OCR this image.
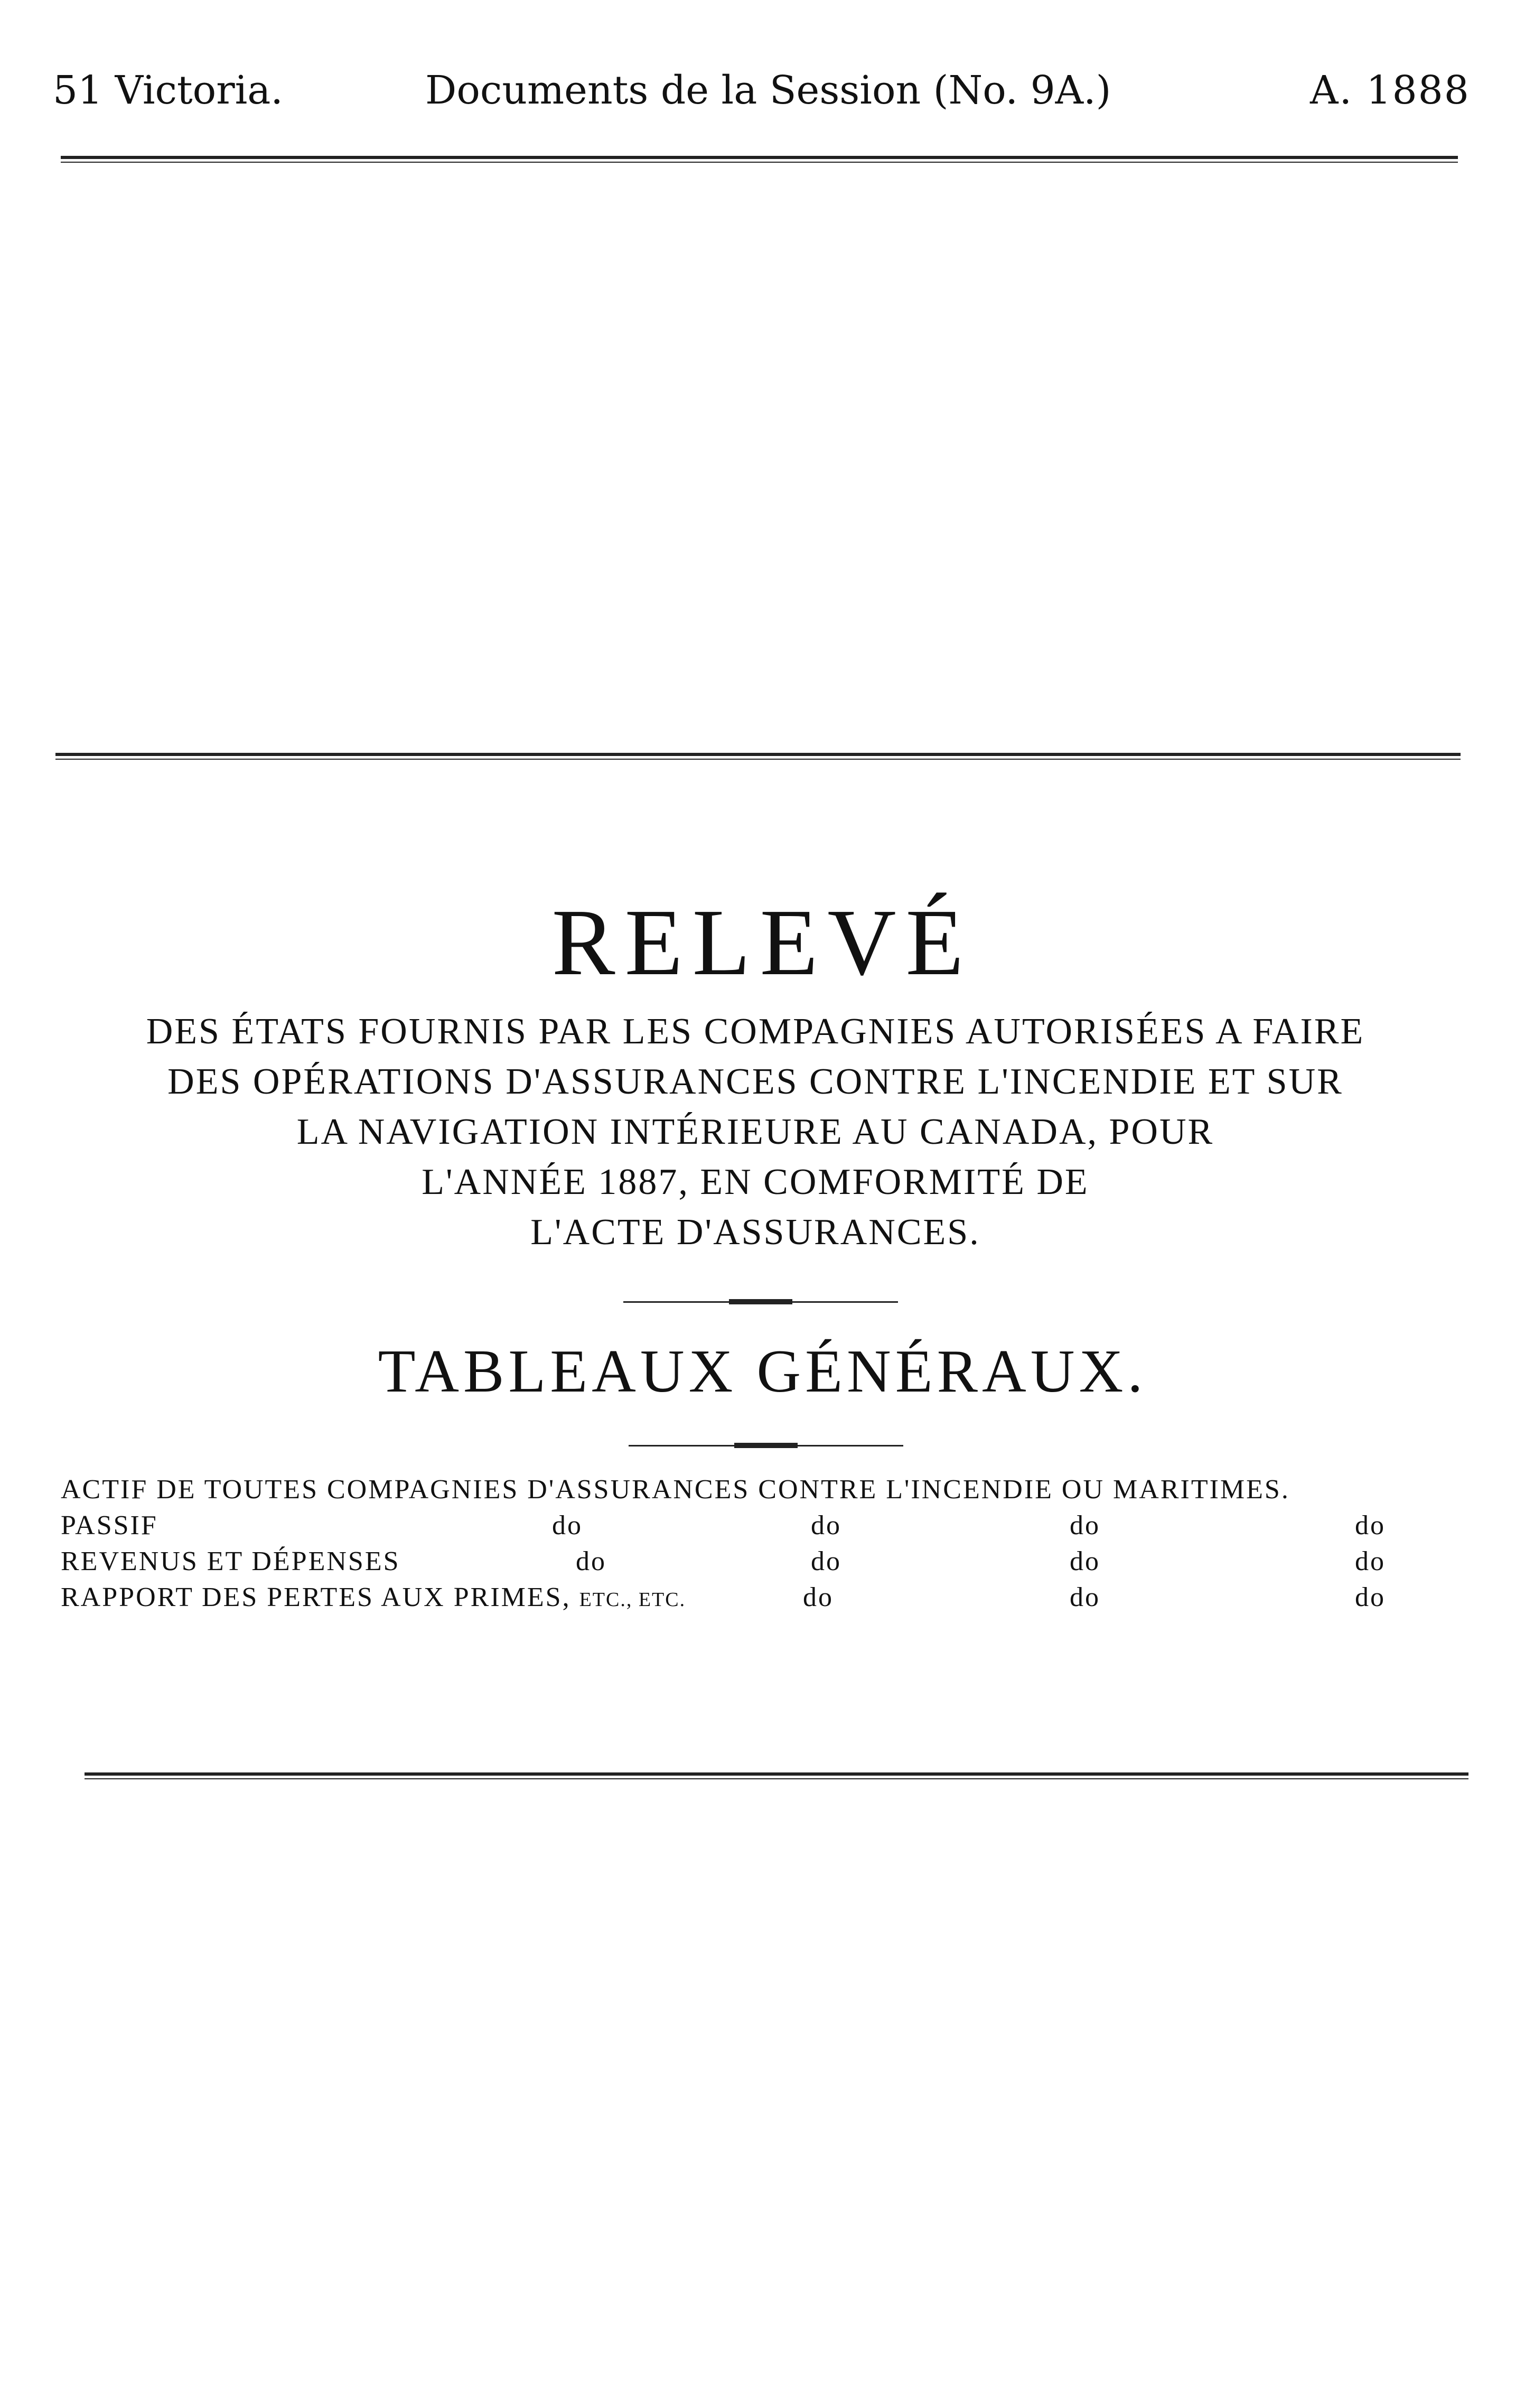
51 Victoria.	Documents de la Session (No. 9A.)	A. 1888
RELEVÉ
DES ÉTATS FOURNIS PAR LES COMPAGNIES AUTORISÉES A FAIRE
DES OPÉRATIONS D'ASSURANCES CONTRE L'INCENDIE ET SUR
LA NAVIGATION INTÉRIEURE AU CANADA, POUR
L'ANNÉE 1887, EN COMFORMITÉ DE
L'ACTE D'ASSURANCES.
TABLEAUX GÉNÉRAUX.
ACTIF DE TOUTES COMPAGNIES D'ASSURANCES CONTRE L'INCENDIE OU MARITIMES.
PASSIF	do	do	do	do
REVENUS ET DÉPENSES	do	do	do	do
RAPPORT DES PERTES AUX PRIMES, ETC., ETC.	do	do	do
